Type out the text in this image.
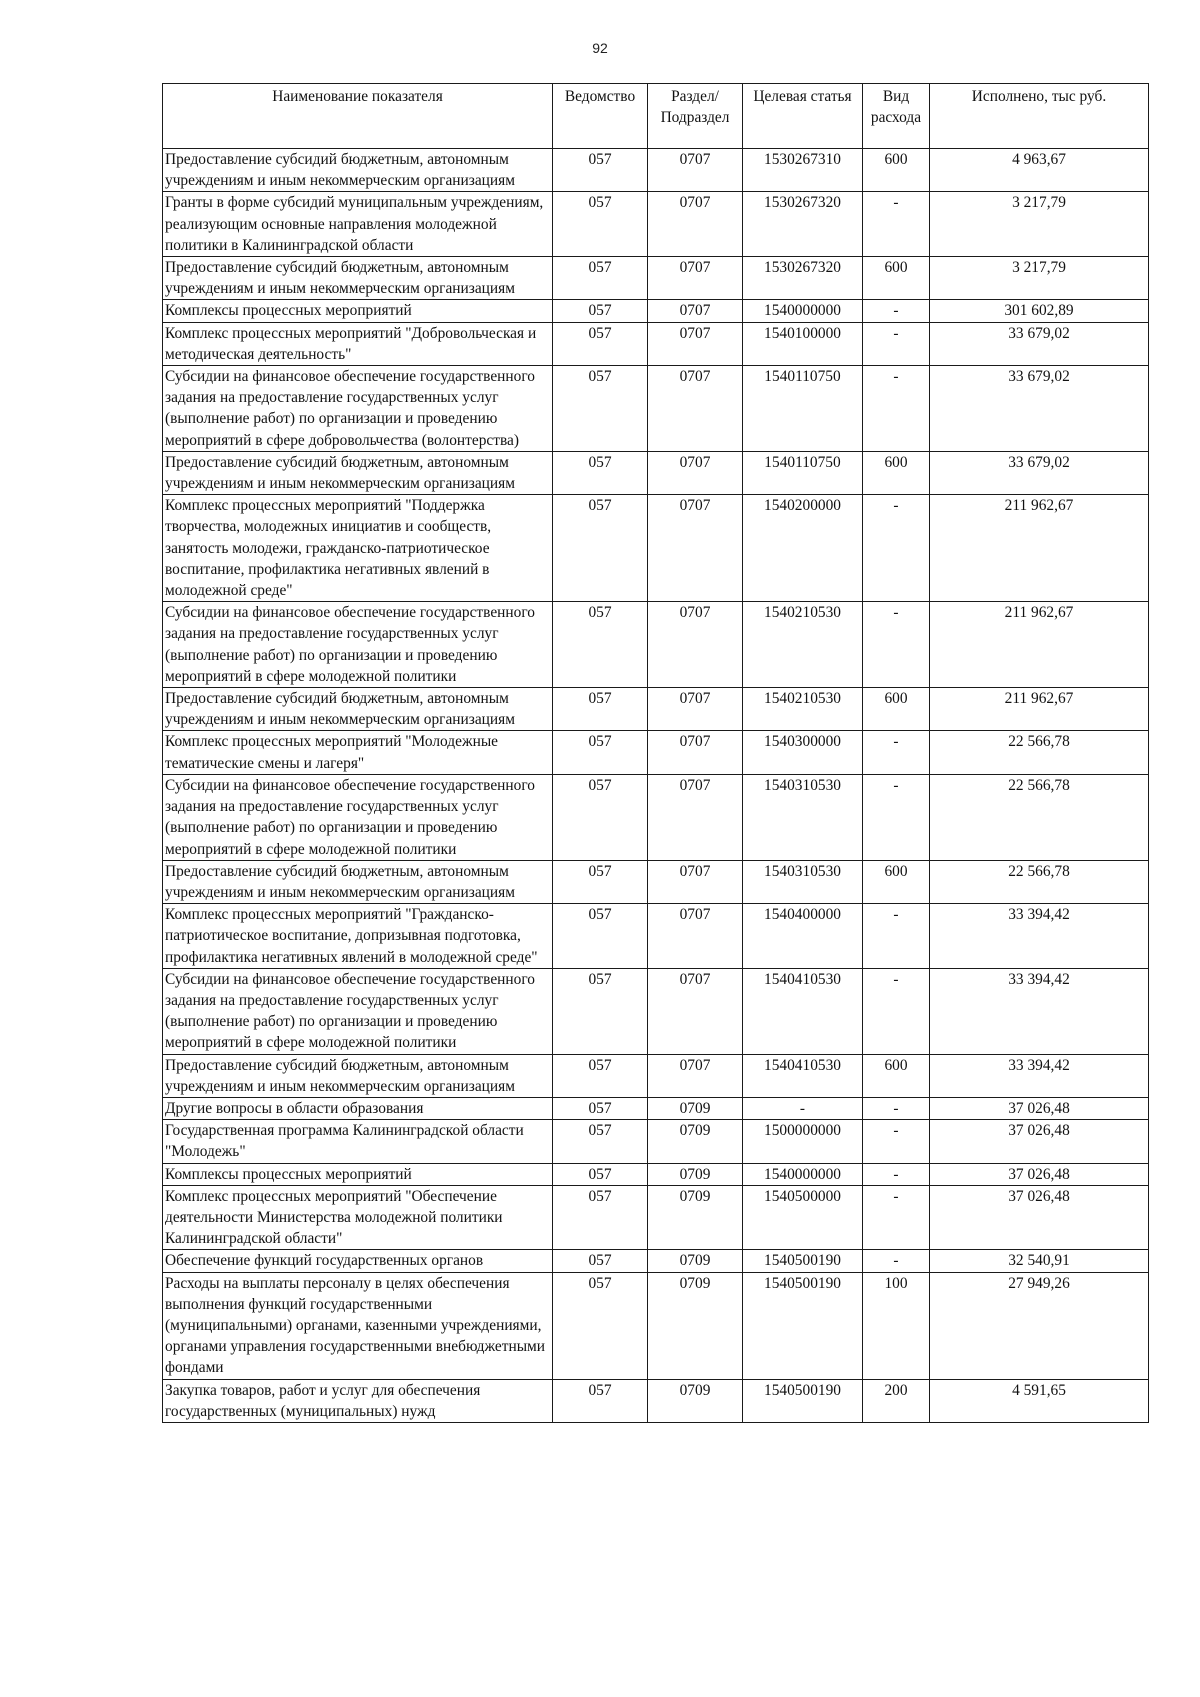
92
Наименование показателя	Ведомство	Раздел/ Подраздел	Целевая статья	Вид расхода	Исполнено, тыс руб.
Предоставление субсидий бюджетным, автономным учреждениям и иным некоммерческим организациям	057	0707	1530267310	600	4 963,67
Гранты в форме субсидий муниципальным учреждениям, реализующим основные направления молодежной политики в Калининградской области	057	0707	1530267320	-	3 217,79
Предоставление субсидий бюджетным, автономным учреждениям и иным некоммерческим организациям	057	0707	1530267320	600	3 217,79
Комплексы процессных мероприятий	057	0707	1540000000	-	301 602,89
Комплекс процессных мероприятий "Добровольческая и методическая деятельность"	057	0707	1540100000	-	33 679,02
Субсидии на финансовое обеспечение государственного задания на предоставление государственных услуг (выполнение работ) по организации и проведению мероприятий в сфере добровольчества (волонтерства)	057	0707	1540110750	-	33 679,02
Предоставление субсидий бюджетным, автономным учреждениям и иным некоммерческим организациям	057	0707	1540110750	600	33 679,02
Комплекс процессных мероприятий "Поддержка творчества, молодежных инициатив и сообществ, занятость молодежи, гражданско-патриотическое воспитание, профилактика негативных явлений в молодежной среде"	057	0707	1540200000	-	211 962,67
Субсидии на финансовое обеспечение государственного задания на предоставление государственных услуг (выполнение работ) по организации и проведению мероприятий в сфере молодежной политики	057	0707	1540210530	-	211 962,67
Предоставление субсидий бюджетным, автономным учреждениям и иным некоммерческим организациям	057	0707	1540210530	600	211 962,67
Комплекс процессных мероприятий "Молодежные тематические смены и лагеря"	057	0707	1540300000	-	22 566,78
Субсидии на финансовое обеспечение государственного задания на предоставление государственных услуг (выполнение работ) по организации и проведению мероприятий в сфере молодежной политики	057	0707	1540310530	-	22 566,78
Предоставление субсидий бюджетным, автономным учреждениям и иным некоммерческим организациям	057	0707	1540310530	600	22 566,78
Комплекс процессных мероприятий "Гражданско-патриотическое воспитание, допризывная подготовка, профилактика негативных явлений в молодежной среде"	057	0707	1540400000	-	33 394,42
Субсидии на финансовое обеспечение государственного задания на предоставление государственных услуг (выполнение работ) по организации и проведению мероприятий в сфере молодежной политики	057	0707	1540410530	-	33 394,42
Предоставление субсидий бюджетным, автономным учреждениям и иным некоммерческим организациям	057	0707	1540410530	600	33 394,42
Другие вопросы в области образования	057	0709	-	-	37 026,48
Государственная программа Калининградской области "Молодежь"	057	0709	1500000000	-	37 026,48
Комплексы процессных мероприятий	057	0709	1540000000	-	37 026,48
Комплекс процессных мероприятий "Обеспечение деятельности Министерства молодежной политики Калининградской области"	057	0709	1540500000	-	37 026,48
Обеспечение функций государственных органов	057	0709	1540500190	-	32 540,91
Расходы на выплаты персоналу в целях обеспечения выполнения функций государственными (муниципальными) органами, казенными учреждениями, органами управления государственными внебюджетными фондами	057	0709	1540500190	100	27 949,26
Закупка товаров, работ и услуг для обеспечения государственных (муниципальных) нужд	057	0709	1540500190	200	4 591,65
